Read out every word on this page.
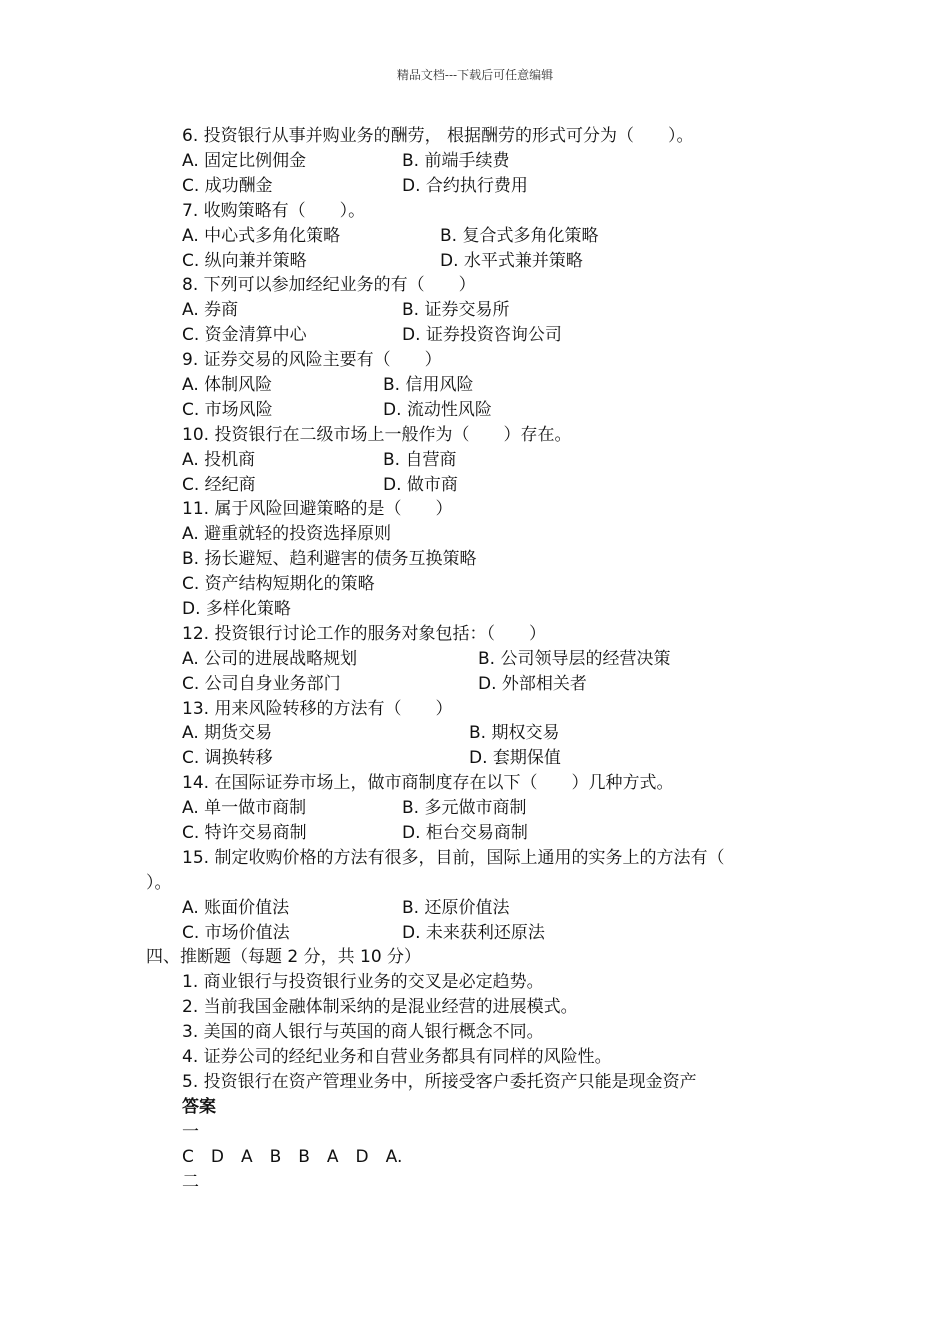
精品文档---下载后可任意编辑
6. 投资银行从事并购业务的酬劳， 根据酬劳的形式可分为（　　）。
A. 固定比例佣金	B. 前端手续费
C. 成功酬金	D. 合约执行费用
7. 收购策略有（　　）。
A. 中心式多角化策略	B. 复合式多角化策略
C. 纵向兼并策略	D. 水平式兼并策略
8. 下列可以参加经纪业务的有（　　）
A. 券商	B. 证券交易所
C. 资金清算中心	D. 证券投资咨询公司
9. 证券交易的风险主要有（　　）
A. 体制风险	B. 信用风险
C. 市场风险	D. 流动性风险
10. 投资银行在二级市场上一般作为（　　）存在。
A. 投机商	B. 自营商
C. 经纪商	D. 做市商
11. 属于风险回避策略的是（　　）
A. 避重就轻的投资选择原则
B. 扬长避短、趋利避害的债务互换策略
C. 资产结构短期化的策略
D. 多样化策略
12. 投资银行讨论工作的服务对象包括：（　　）
A. 公司的进展战略规划	B. 公司领导层的经营决策
C. 公司自身业务部门	D. 外部相关者
13. 用来风险转移的方法有（　　）
A. 期货交易	B. 期权交易
C. 调换转移	D. 套期保值
14. 在国际证券市场上，做市商制度存在以下（　　）几种方式。
A. 单一做市商制	B. 多元做市商制
C. 特许交易商制	D. 柜台交易商制
15. 制定收购价格的方法有很多，目前，国际上通用的实务上的方法有（
）。
A. 账面价值法	B. 还原价值法
C. 市场价值法	D. 未来获利还原法
四、推断题（每题 2 分，共 10 分）
1. 商业银行与投资银行业务的交叉是必定趋势。
2. 当前我国金融体制采纳的是混业经营的进展模式。
3. 美国的商人银行与英国的商人银行概念不同。
4. 证券公司的经纪业务和自营业务都具有同样的风险性。
5. 投资银行在资产管理业务中，所接受客户委托资产只能是现金资产
答案
一
C　D　A　B　B　A　D　A.
二
